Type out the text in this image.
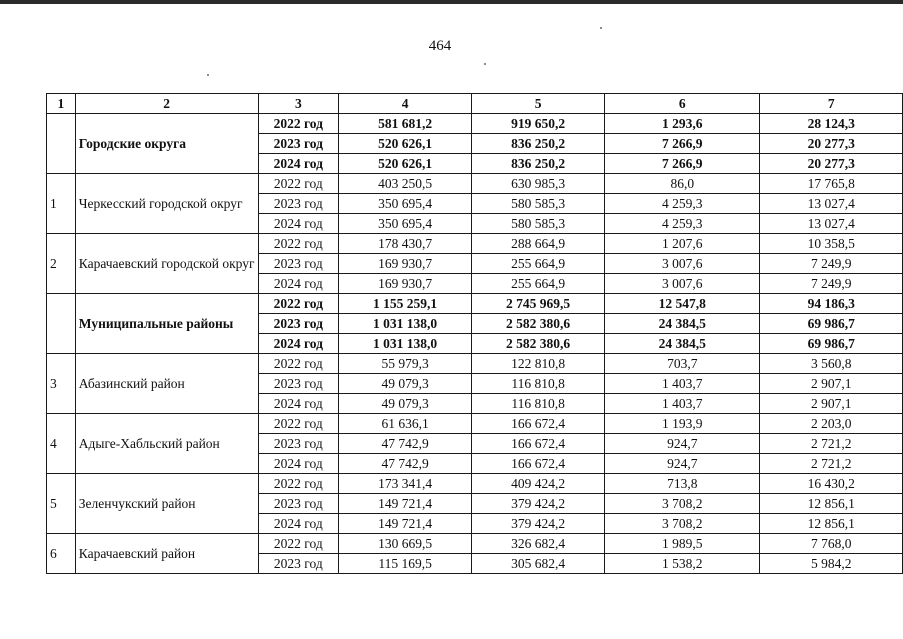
464
1	2	3	4	5	6	7
	Городские округа	2022 год	581 681,2	919 650,2	1 293,6	28 124,3
		2023 год	520 626,1	836 250,2	7 266,9	20 277,3
		2024 год	520 626,1	836 250,2	7 266,9	20 277,3
1	Черкесский городской округ	2022 год	403 250,5	630 985,3	86,0	17 765,8
		2023 год	350 695,4	580 585,3	4 259,3	13 027,4
		2024 год	350 695,4	580 585,3	4 259,3	13 027,4
2	Карачаевский городской округ	2022 год	178 430,7	288 664,9	1 207,6	10 358,5
		2023 год	169 930,7	255 664,9	3 007,6	7 249,9
		2024 год	169 930,7	255 664,9	3 007,6	7 249,9
	Муниципальные районы	2022 год	1 155 259,1	2 745 969,5	12 547,8	94 186,3
		2023 год	1 031 138,0	2 582 380,6	24 384,5	69 986,7
		2024 год	1 031 138,0	2 582 380,6	24 384,5	69 986,7
3	Абазинский район	2022 год	55 979,3	122 810,8	703,7	3 560,8
		2023 год	49 079,3	116 810,8	1 403,7	2 907,1
		2024 год	49 079,3	116 810,8	1 403,7	2 907,1
4	Адыге-Хабльский район	2022 год	61 636,1	166 672,4	1 193,9	2 203,0
		2023 год	47 742,9	166 672,4	924,7	2 721,2
		2024 год	47 742,9	166 672,4	924,7	2 721,2
5	Зеленчукский район	2022 год	173 341,4	409 424,2	713,8	16 430,2
		2023 год	149 721,4	379 424,2	3 708,2	12 856,1
		2024 год	149 721,4	379 424,2	3 708,2	12 856,1
6	Карачаевский район	2022 год	130 669,5	326 682,4	1 989,5	7 768,0
		2023 год	115 169,5	305 682,4	1 538,2	5 984,2
